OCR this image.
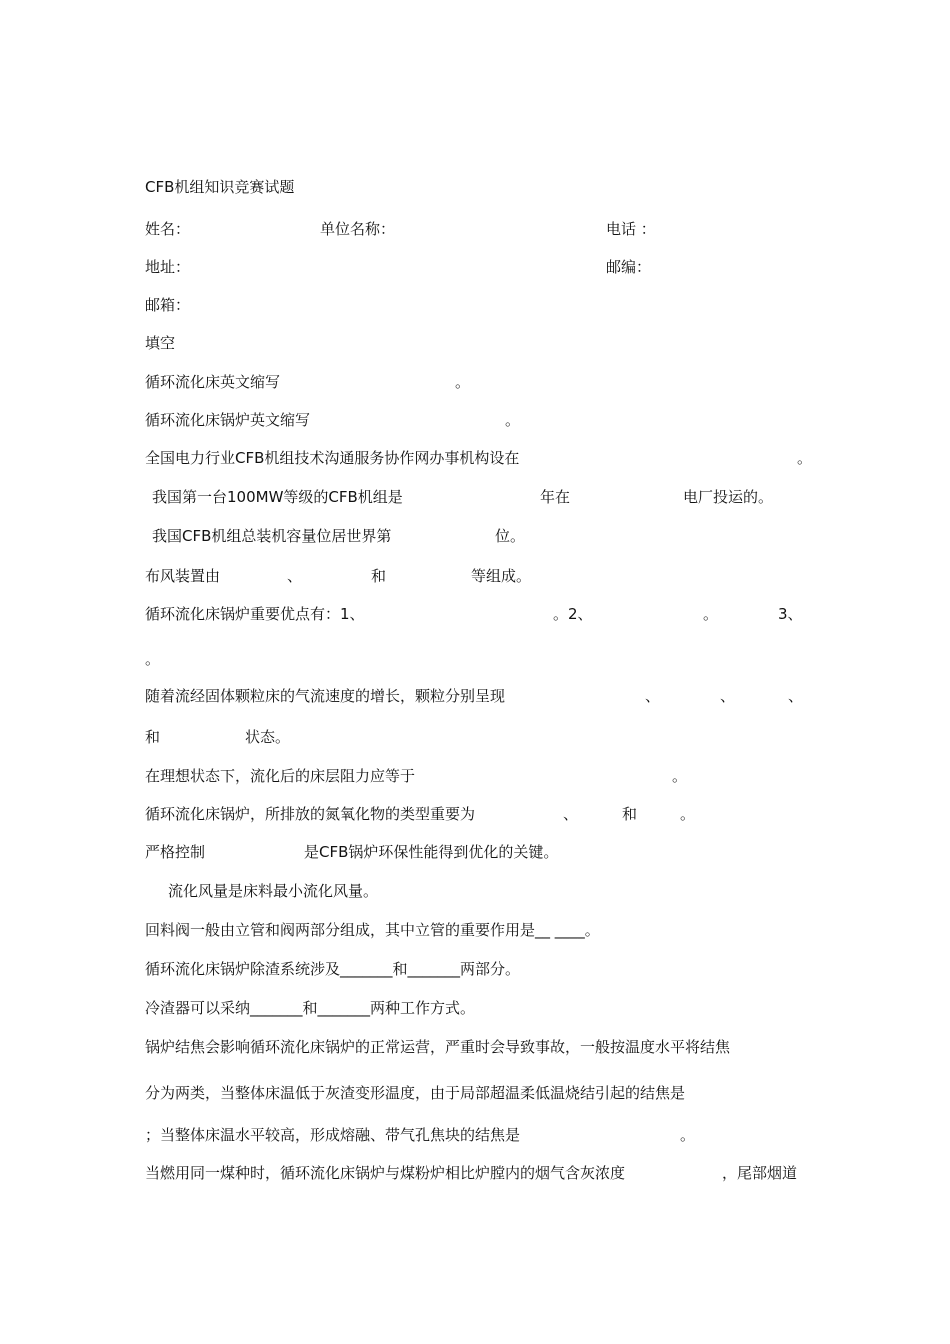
CFB机组知识竞赛试题
姓名：	单位名称：	电话 ：
地址：	邮编：
邮箱：
填空
循环流化床英文缩写	。
循环流化床锅炉英文缩写	。
全国电力行业CFB机组技术沟通服务协作网办事机构设在	。
我国第一台100MW等级的CFB机组是	年在	电厂投运的。
我国CFB机组总装机容量位居世界第	位。
布风装置由	、	和	等组成。
循环流化床锅炉重要优点有：1、	。2、	。	3、
。
随着流经固体颗粒床的气流速度的增长，颗粒分别呈现	、	、	、
和	状态。
在理想状态下，流化后的床层阻力应等于	。
循环流化床锅炉，所排放的氮氧化物的类型重要为	、	和	。
严格控制	是CFB锅炉环保性能得到优化的关键。
流化风量是床料最小流化风量。
回料阀一般由立管和阀两部分组成，其中立管的重要作用是__ ____。
循环流化床锅炉除渣系统涉及_______和_______两部分。
冷渣器可以采纳_______和_______两种工作方式。
锅炉结焦会影响循环流化床锅炉的正常运营，严重时会导致事故，一般按温度水平将结焦
分为两类，当整体床温低于灰渣变形温度，由于局部超温柔低温烧结引起的结焦是
；当整体床温水平较高，形成熔融、带气孔焦块的结焦是	。
当燃用同一煤种时，循环流化床锅炉与煤粉炉相比炉膛内的烟气含灰浓度	，尾部烟道
